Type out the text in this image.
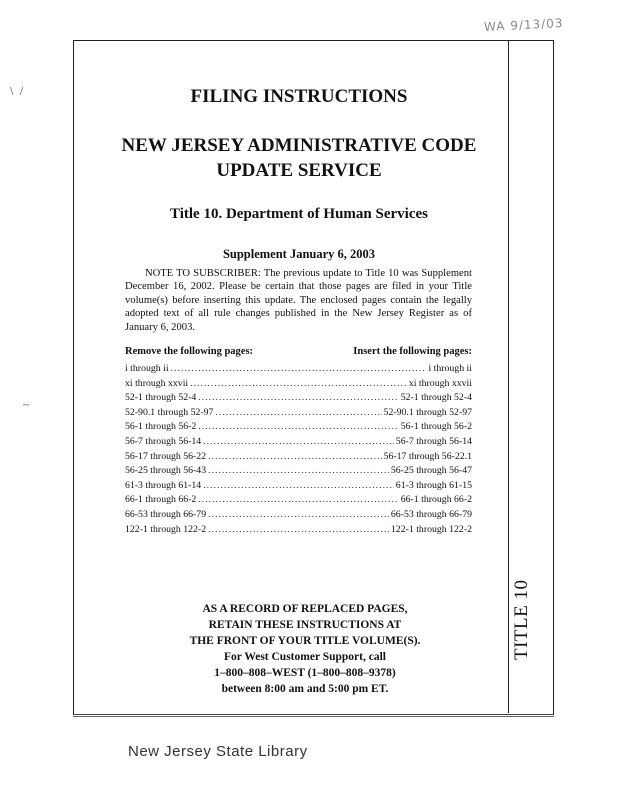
WA 9/13/03
\  /
~
TITLE 10
FILING INSTRUCTIONS
NEW JERSEY ADMINISTRATIVE CODE
UPDATE SERVICE
Title 10. Department of Human Services
Supplement January 6, 2003

NOTE TO SUBSCRIBER: The previous update to Title 10 was Supplement December 16, 2002. Please be certain that those pages are filed in your Title volume(s) before inserting this update. The enclosed pages contain the legally adopted text of all rule changes published in the New Jersey Register as of January 6, 2003.

Remove the following pages:	Insert the following pages:
i through ii .....	i through ii
xi through xxvii .....	xi through xxvii
52-1 through 52-4 .....	52-1 through 52-4
52-90.1 through 52-97 .....	52-90.1 through 52-97
56-1 through 56-2 .....	56-1 through 56-2
56-7 through 56-14 .....	56-7 through 56-14
56-17 through 56-22 .....	56-17 through 56-22.1
56-25 through 56-43 .....	56-25 through 56-47
61-3 through 61-14 .....	61-3 through 61-15
66-1 through 66-2 .....	66-1 through 66-2
66-53 through 66-79 .....	66-53 through 66-79
122-1 through 122-2 .....	122-1 through 122-2
AS A RECORD OF REPLACED PAGES,
RETAIN THESE INSTRUCTIONS AT
THE FRONT OF YOUR TITLE VOLUME(S).
For West Customer Support, call
1–800–808–WEST (1–800–808–9378)
between 8:00 am and 5:00 pm ET.
New Jersey State Library
